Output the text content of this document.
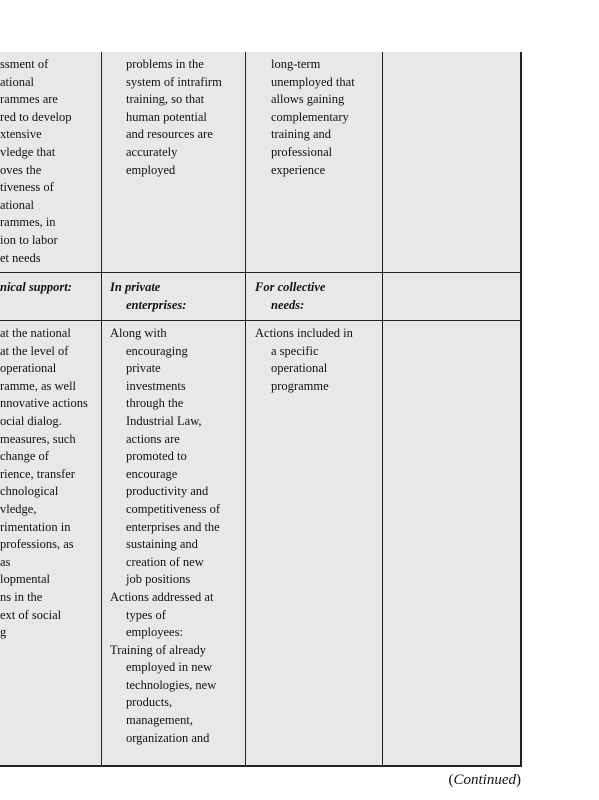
ssment of
ational
rammes are
red to develop
xtensive
vledge that
oves the
tiveness of
ational
rammes, in
ion to labor
et needs
problems in the
system of intrafirm
training, so that
human potential
and resources are
accurately
employed
long-term
unemployed that
allows gaining
complementary
training and
professional
experience
nical support:	In private
enterprises:
For collective
needs:
at the national
at the level of
operational
ramme, as well
nnovative actions
ocial dialog.
measures, such
change of
rience, transfer
chnological
vledge,
rimentation in
professions, as
as
lopmental
ns in the
ext of social
g
Along with
encouraging
private
investments
through the
Industrial Law,
actions are
promoted to
encourage
productivity and
competitiveness of
enterprises and the
sustaining and
creation of new
job positions
Actions addressed at
types of
employees:
Training of already
employed in new
technologies, new
products,
management,
organization and
Actions included in
a specific
operational
programme
(Continued)
